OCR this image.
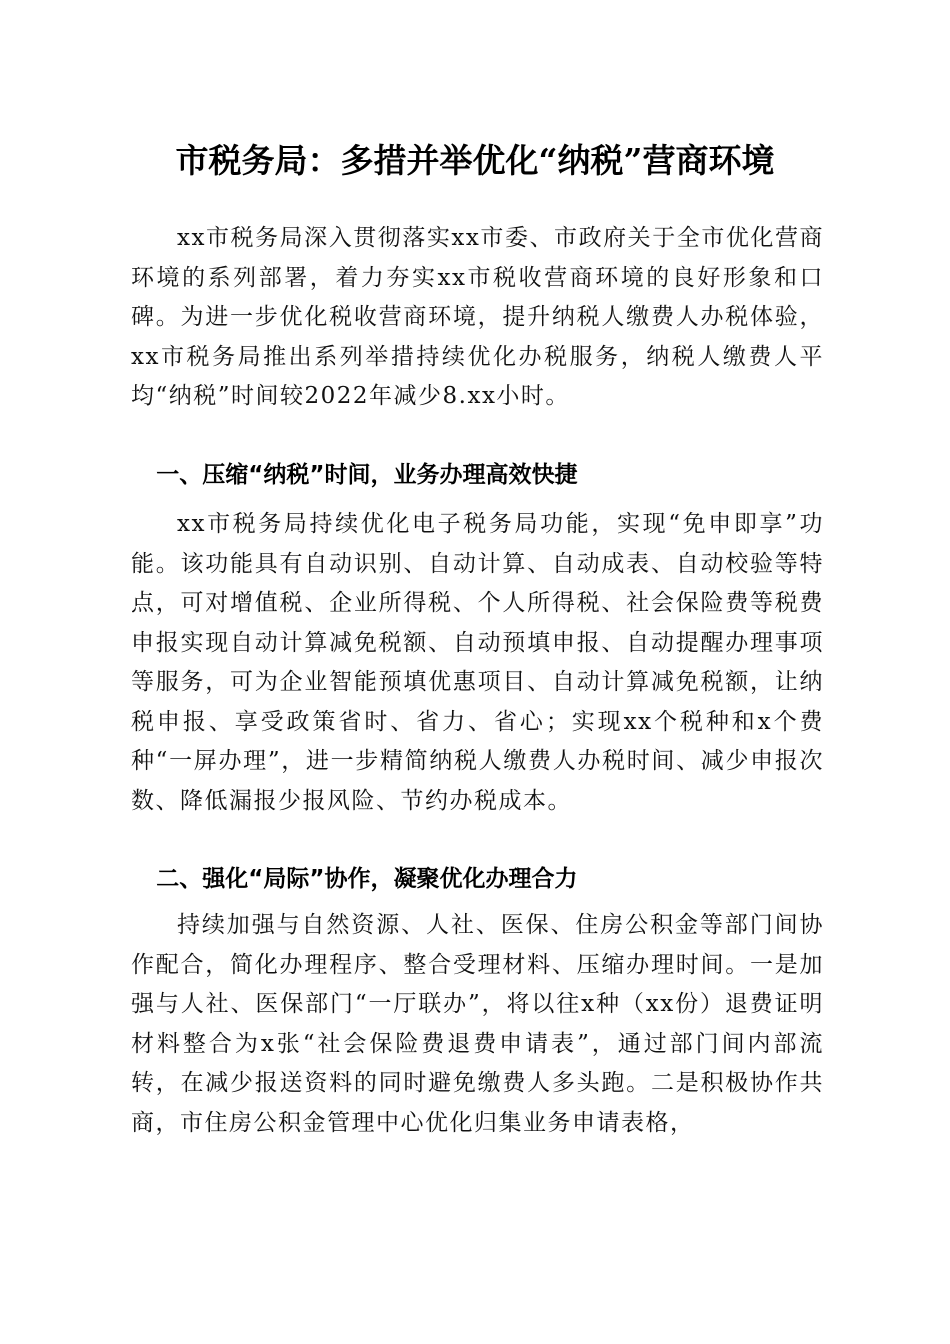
市税务局：多措并举优化“纳税”营商环境

xx市税务局深入贯彻落实xx市委、市政府关于全市优化营商环境的系列部署，着力夯实xx市税收营商环境的良好形象和口碑。为进一步优化税收营商环境，提升纳税人缴费人办税体验，xx市税务局推出系列举措持续优化办税服务，纳税人缴费人平均“纳税”时间较2022年减少8.xx小时。

一、压缩“纳税”时间，业务办理高效快捷

xx市税务局持续优化电子税务局功能，实现“免申即享”功能。该功能具有自动识别、自动计算、自动成表、自动校验等特点，可对增值税、企业所得税、个人所得税、社会保险费等税费申报实现自动计算减免税额、自动预填申报、自动提醒办理事项等服务，可为企业智能预填优惠项目、自动计算减免税额，让纳税申报、享受政策省时、省力、省心；实现xx个税种和x个费种“一屏办理”，进一步精简纳税人缴费人办税时间、减少申报次数、降低漏报少报风险、节约办税成本。

二、强化“局际”协作，凝聚优化办理合力

持续加强与自然资源、人社、医保、住房公积金等部门间协作配合，简化办理程序、整合受理材料、压缩办理时间。一是加强与人社、医保部门“一厅联办”，将以往x种（xx份）退费证明材料整合为x张“社会保险费退费申请表”，通过部门间内部流转，在减少报送资料的同时避免缴费人多头跑。二是积极协作共商，市住房公积金管理中心优化归集业务申请表格，
